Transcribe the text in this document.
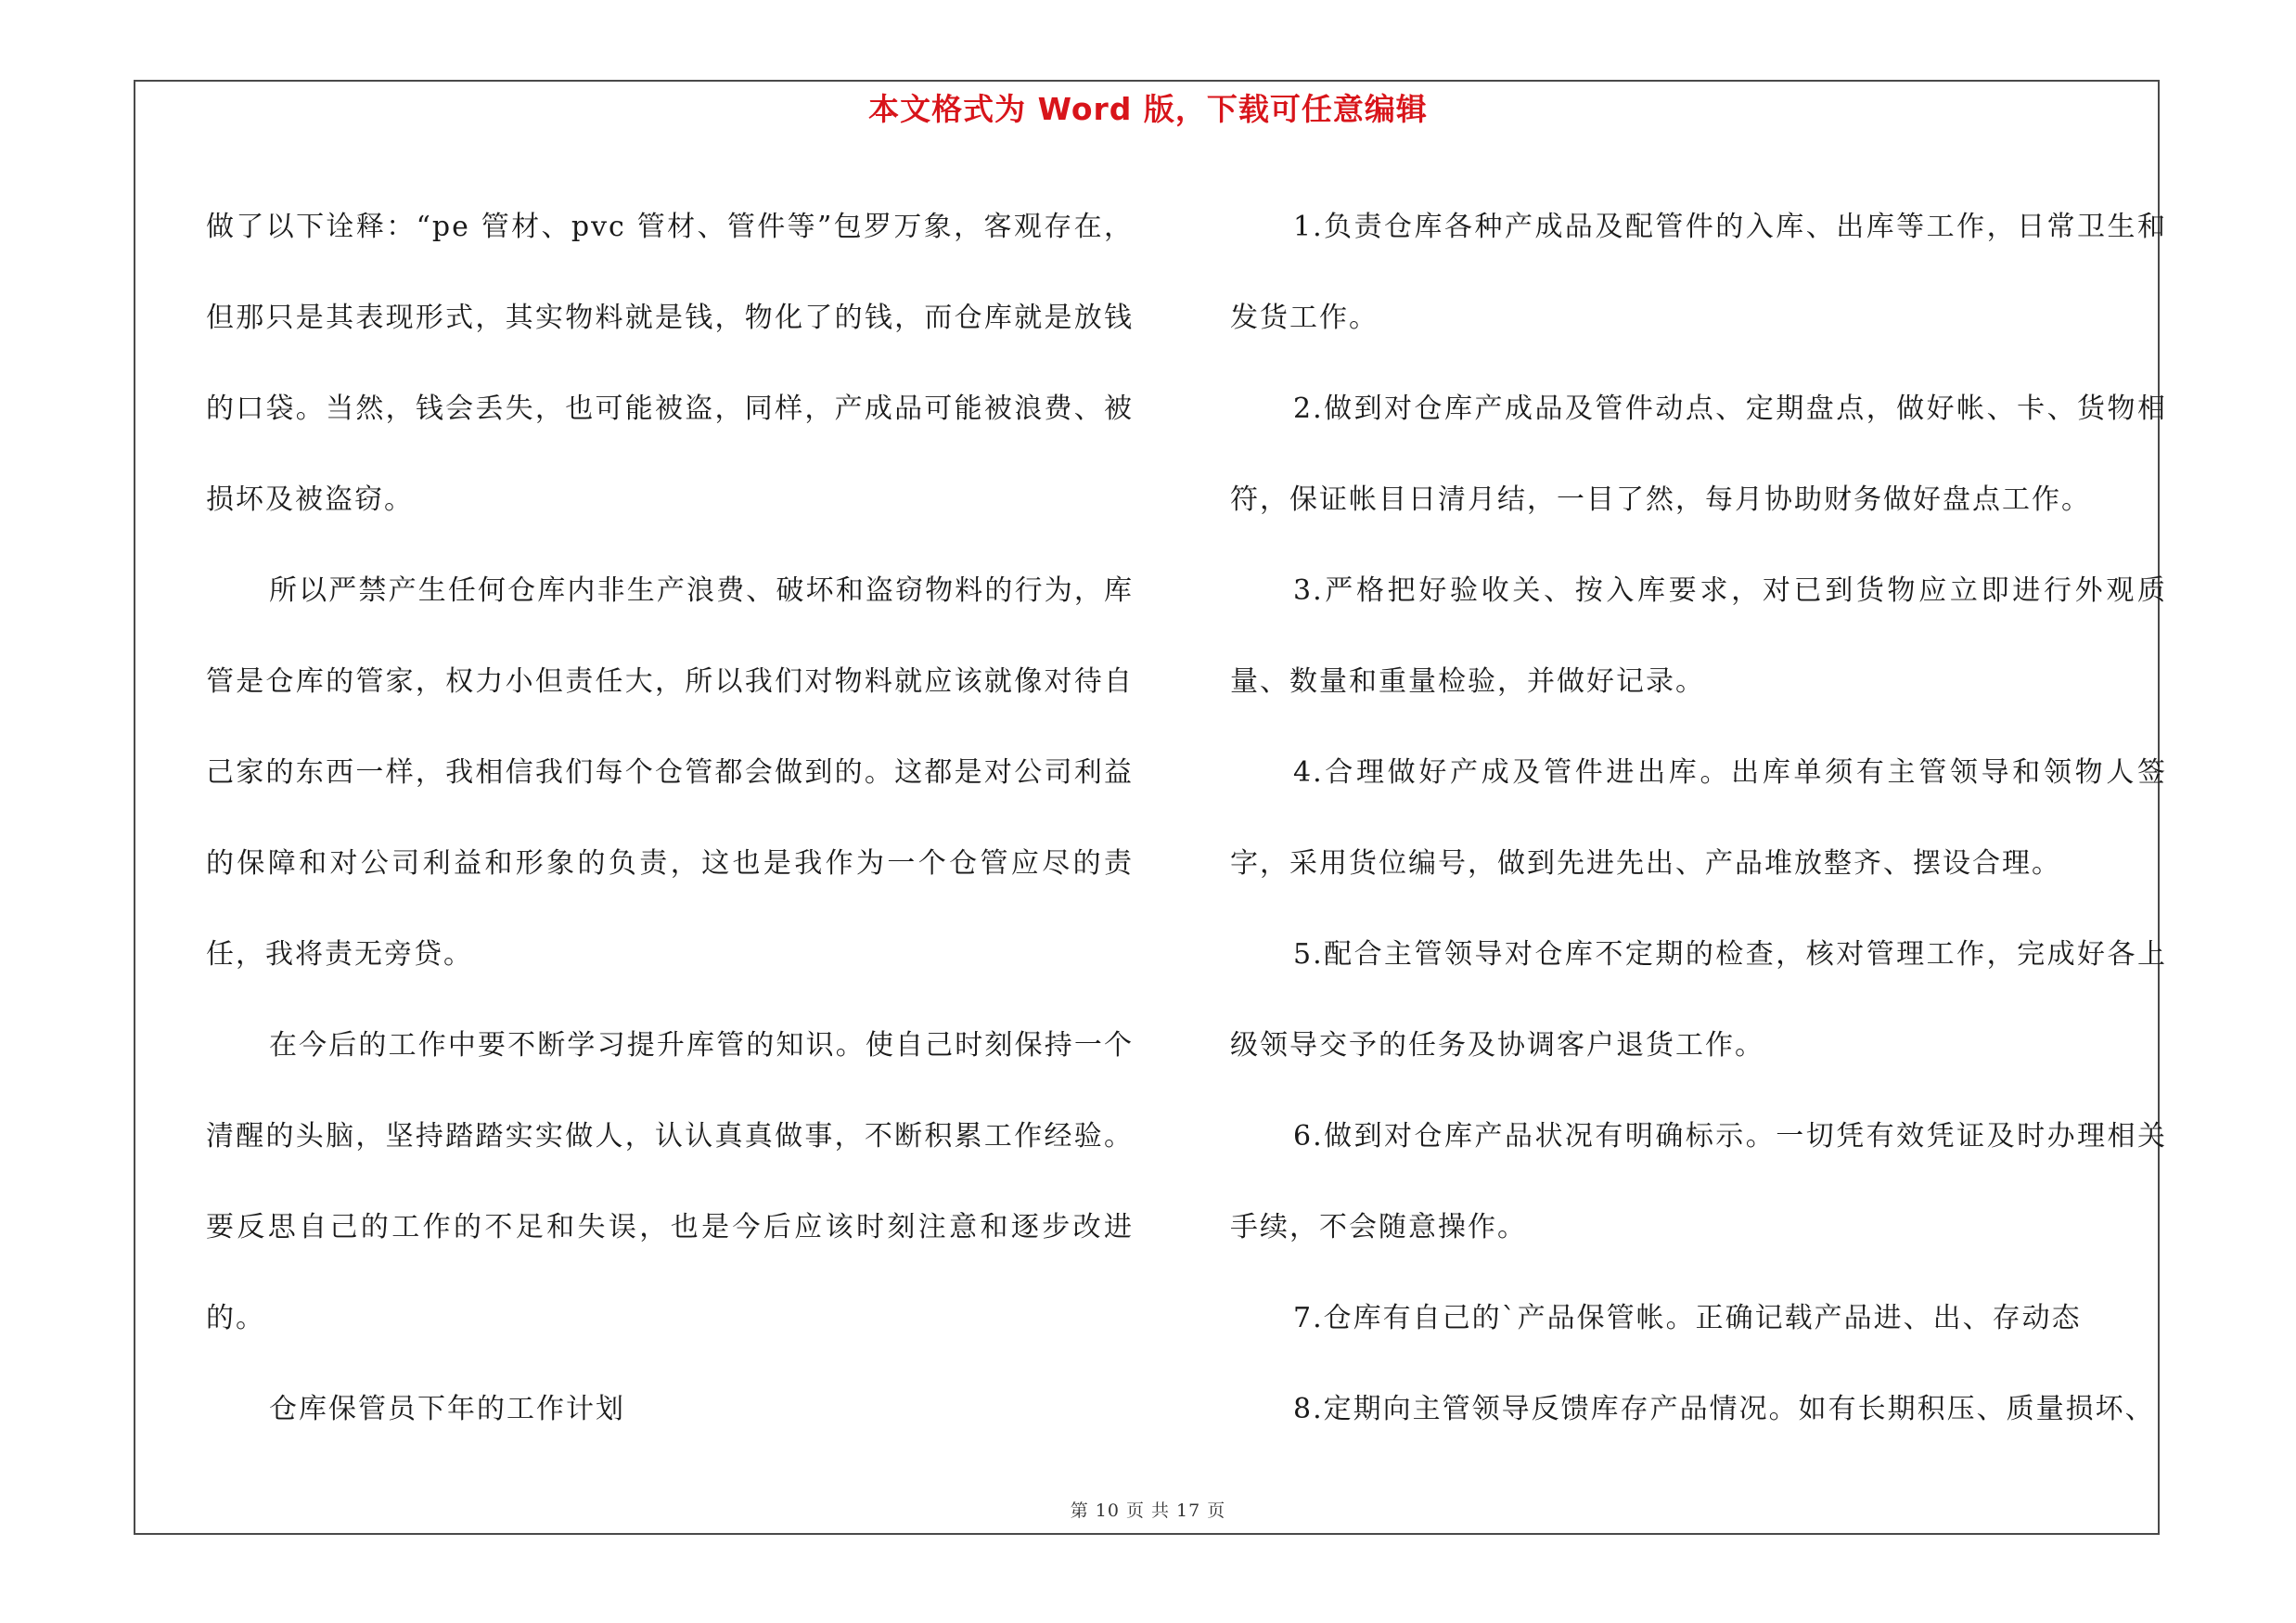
本文格式为 Word 版，下载可任意编辑

做了以下诠释：“pe 管材、pvc 管材、管件等”包罗万象，客观存在，但那只是其表现形式，其实物料就是钱，物化了的钱，而仓库就是放钱的口袋。当然，钱会丢失，也可能被盗，同样，产成品可能被浪费、被损坏及被盗窃。

所以严禁产生任何仓库内非生产浪费、破坏和盗窃物料的行为，库管是仓库的管家，权力小但责任大，所以我们对物料就应该就像对待自己家的东西一样，我相信我们每个仓管都会做到的。这都是对公司利益的保障和对公司利益和形象的负责，这也是我作为一个仓管应尽的责任，我将责无旁贷。

在今后的工作中要不断学习提升库管的知识。使自己时刻保持一个清醒的头脑，坚持踏踏实实做人，认认真真做事，不断积累工作经验。要反思自己的工作的不足和失误，也是今后应该时刻注意和逐步改进的。

仓库保管员下年的工作计划

1.负责仓库各种产成品及配管件的入库、出库等工作，日常卫生和发货工作。

2.做到对仓库产成品及管件动点、定期盘点，做好帐、卡、货物相符，保证帐目日清月结，一目了然，每月协助财务做好盘点工作。

3.严格把好验收关、按入库要求，对已到货物应立即进行外观质量、数量和重量检验，并做好记录。

4.合理做好产成及管件进出库。出库单须有主管领导和领物人签字，采用货位编号，做到先进先出、产品堆放整齐、摆设合理。

5.配合主管领导对仓库不定期的检查，核对管理工作，完成好各上级领导交予的任务及协调客户退货工作。

6.做到对仓库产品状况有明确标示。一切凭有效凭证及时办理相关手续，不会随意操作。

7.仓库有自己的`产品保管帐。正确记载产品进、出、存动态

8.定期向主管领导反馈库存产品情况。如有长期积压、质量损坏、

第 10 页 共 17 页
